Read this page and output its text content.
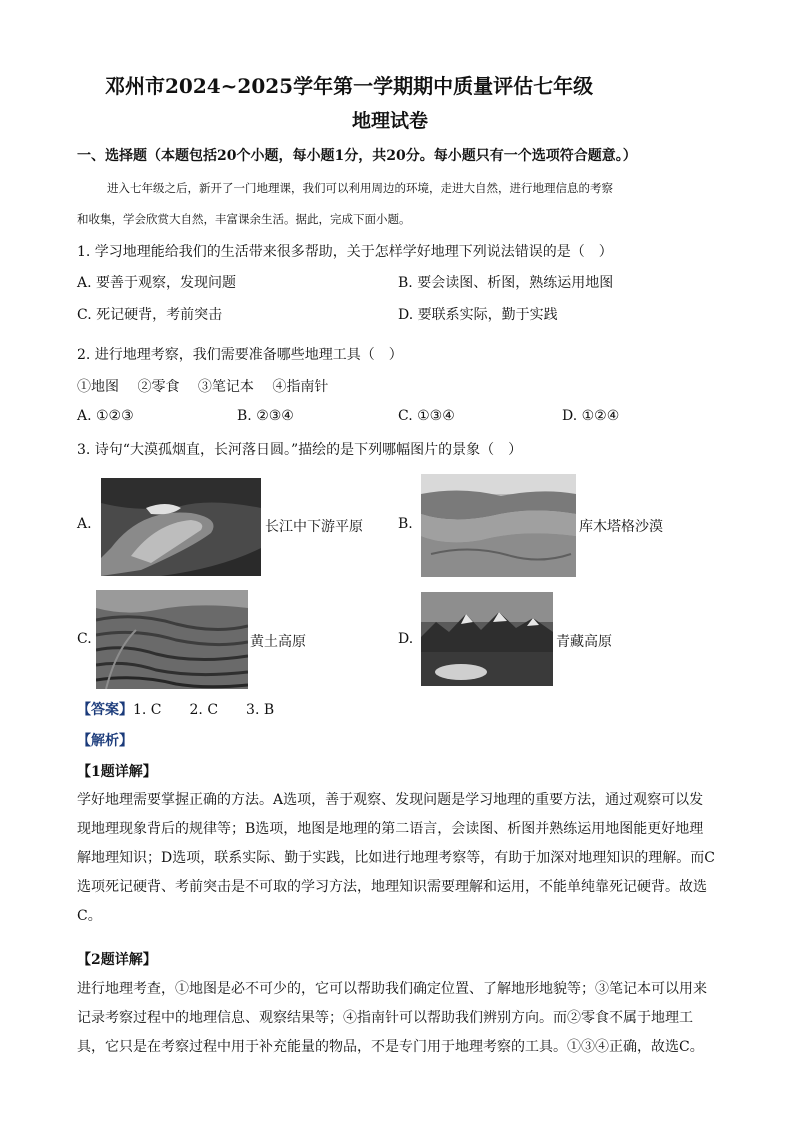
邓州市2024~2025学年第一学期期中质量评估七年级
地理试卷
一、选择题（本题包括20个小题，每小题1分，共20分。每小题只有一个选项符合题意。）
进入七年级之后，新开了一门地理课，我们可以利用周边的环境，走进大自然，进行地理信息的考察
和收集，学会欣赏大自然，丰富课余生活。据此，完成下面小题。
1. 学习地理能给我们的生活带来很多帮助，关于怎样学好地理下列说法错误的是（　）
A. 要善于观察，发现问题	B. 要会读图、析图，熟练运用地图
C. 死记硬背，考前突击	D. 要联系实际，勤于实践
2. 进行地理考察，我们需要准备哪些地理工具（　）
①地图　 ②零食　 ③笔记本　 ④指南针
A. ①②③	B. ②③④	C. ①③④	D. ①②④
3. 诗句“大漠孤烟直，长河落日圆。”描绘的是下列哪幅图片的景象（　）
A.	长江中下游平原	B.	库木塔格沙漠
C.	黄土高原	D.	青藏高原
【答案】 1. C　　2. C　　3. B
【解析】
【1题详解】
学好地理需要掌握正确的方法。A选项，善于观察、发现问题是学习地理的重要方法，通过观察可以发现地理现象背后的规律等；B选项，地图是地理的第二语言，会读图、析图并熟练运用地图能更好地理解地理知识；D选项，联系实际、勤于实践，比如进行地理考察等，有助于加深对地理知识的理解。而C选项死记硬背、考前突击是不可取的学习方法，地理知识需要理解和运用，不能单纯靠死记硬背。故选C。
【2题详解】
进行地理考查，①地图是必不可少的，它可以帮助我们确定位置、了解地形地貌等；③笔记本可以用来记录考察过程中的地理信息、观察结果等；④指南针可以帮助我们辨别方向。而②零食不属于地理工具，它只是在考察过程中用于补充能量的物品，不是专门用于地理考察的工具。①③④正确，故选C。
